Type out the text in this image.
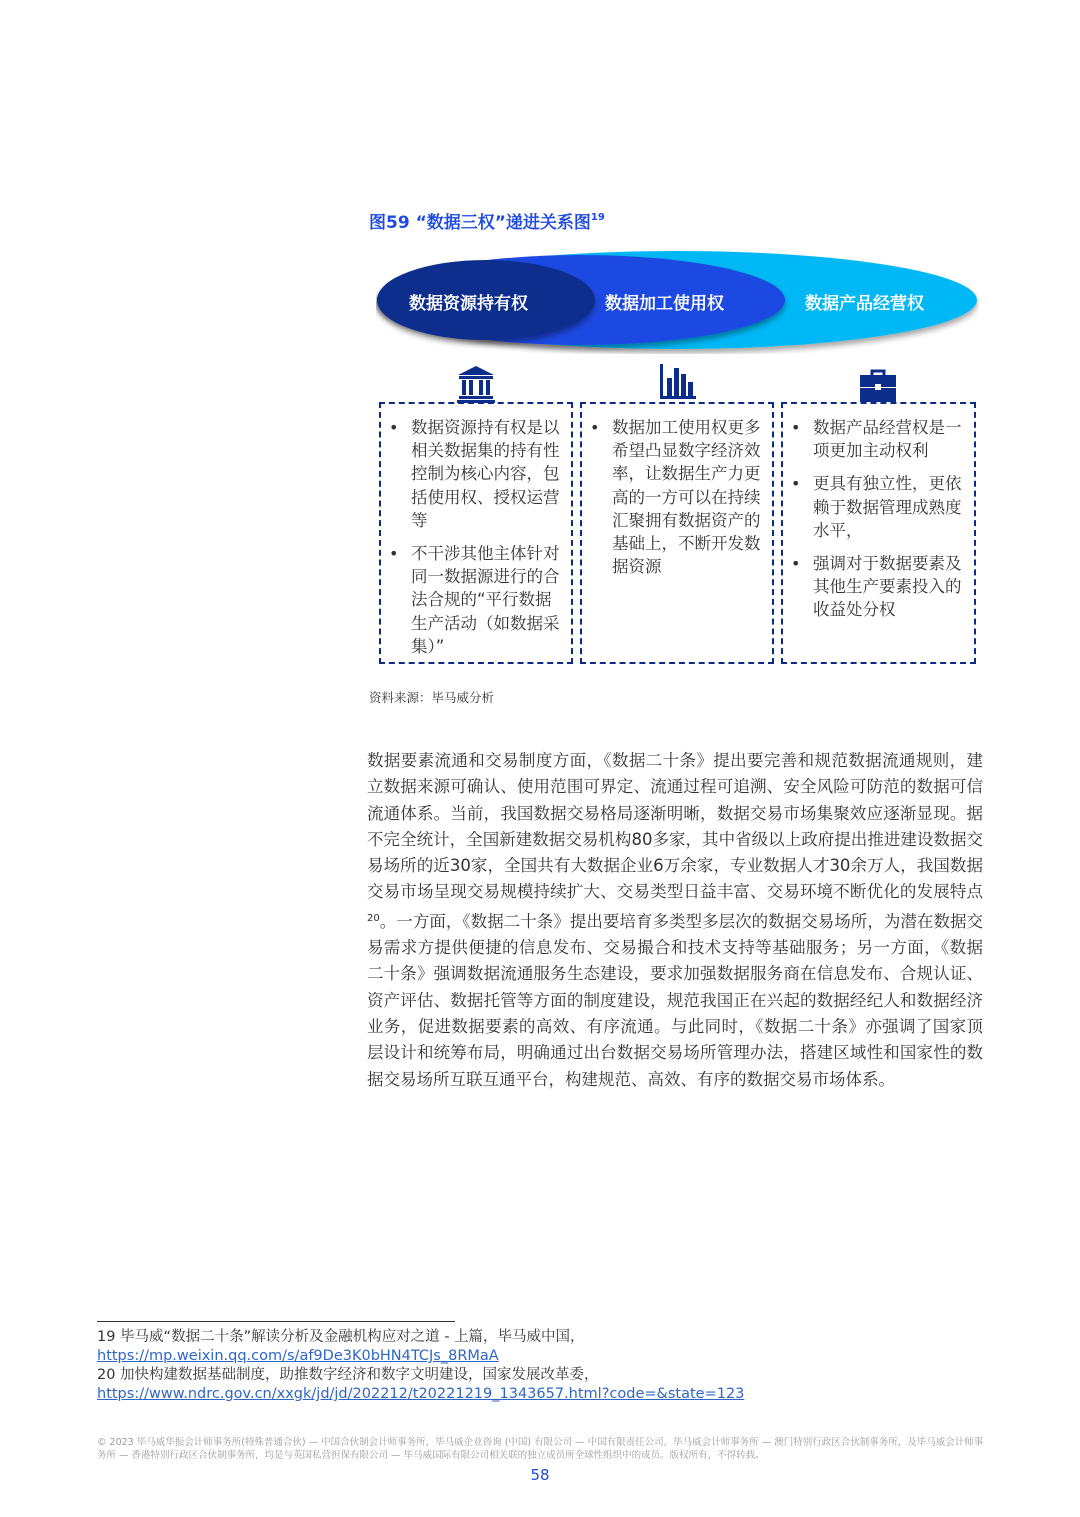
图59 “数据三权”递进关系图$^{19}$
数据资源持有权	数据加工使用权	数据产品经营权
• 数据资源持有权是以相关数据集的持有性控制为核心内容，包括使用权、授权运营等
• 不干涉其他主体针对同一数据源进行的合法合规的“平行数据生产活动（如数据采集）”
• 数据加工使用权更多希望凸显数字经济效率，让数据生产力更高的一方可以在持续汇聚拥有数据资产的基础上，不断开发数据资源
• 数据产品经营权是一项更加主动权利
• 更具有独立性，更依赖于数据管理成熟度水平，
• 强调对于数据要素及其他生产要素投入的收益处分权
资料来源：毕马威分析
数据要素流通和交易制度方面，《数据二十条》提出要完善和规范数据流通规则，建立数据来源可确认、使用范围可界定、流通过程可追溯、安全风险可防范的数据可信流通体系。当前，我国数据交易格局逐渐明晰，数据交易市场集聚效应逐渐显现。据不完全统计，全国新建数据交易机构80多家，其中省级以上政府提出推进建设数据交易场所的近30家，全国共有大数据企业6万余家，专业数据人才30余万人，我国数据交易市场呈现交易规模持续扩大、交易类型日益丰富、交易环境不断优化的发展特点$^{20}$。一方面，《数据二十条》提出要培育多类型多层次的数据交易场所，为潜在数据交易需求方提供便捷的信息发布、交易撮合和技术支持等基础服务；另一方面，《数据二十条》强调数据流通服务生态建设，要求加强数据服务商在信息发布、合规认证、资产评估、数据托管等方面的制度建设，规范我国正在兴起的数据经纪人和数据经济业务，促进数据要素的高效、有序流通。与此同时，《数据二十条》亦强调了国家顶层设计和统筹布局，明确通过出台数据交易场所管理办法，搭建区域性和国家性的数据交易场所互联互通平台，构建规范、高效、有序的数据交易市场体系。
19 毕马威“数据二十条”解读分析及金融机构应对之道 - 上篇，毕马威中国，
https://mp.weixin.qq.com/s/af9De3K0bHN4TCJs_8RMaA
20 加快构建数据基础制度，助推数字经济和数字文明建设，国家发展改革委，
https://www.ndrc.gov.cn/xxgk/jd/jd/202212/t20221219_1343657.html?code=&state=123
© 2023 毕马威华振会计师事务所(特殊普通合伙) — 中国合伙制会计师事务所，毕马威企业咨询 (中国) 有限公司 — 中国有限责任公司，毕马威会计师事务所 — 澳门特别行政区合伙制事务所，及毕马威会计师事务所 — 香港特别行政区合伙制事务所，均是与英国私营担保有限公司 — 毕马威国际有限公司相关联的独立成员所全球性组织中的成员。版权所有，不得转载。
58
